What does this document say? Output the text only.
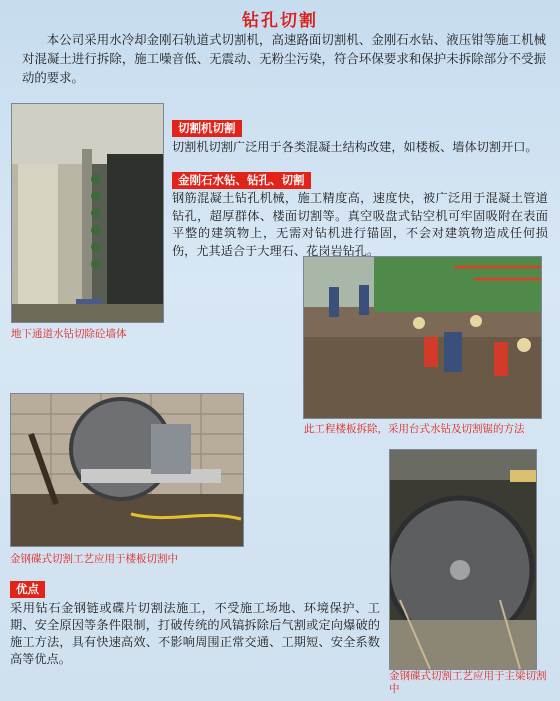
钻孔切割
本公司采用水冷却金刚石轨道式切割机，高速路面切割机、金刚石水钻、液压钳等施工机械对混凝土进行拆除，施工噪音低、无震动、无粉尘污染，符合环保要求和保护未拆除部分不受振动的要求。
地下通道水钻切除砼墙体
切割机切割
切割机切割广泛用于各类混凝土结构改建，如楼板、墙体切割开口。
金刚石水钻、钻孔、切割
钢筋混凝土钻孔机械，施工精度高，速度快，被广泛用于混凝土管道钻孔，超厚群体、楼面切割等。真空吸盘式钻空机可牢固吸附在表面平整的建筑物上，无需对钻机进行锚固，不会对建筑物造成任何损伤，尤其适合于大理石、花岗岩钻孔。
此工程楼板拆除，采用台式水钻及切割锯的方法
金钢碟式切割工艺应用于楼板切割中
金钢碟式切割工艺应用于主梁切割中
优点
采用钻石金钢链或碟片切割法施工，不受施工场地、环境保护、工期、安全原因等条件限制，打破传统的风镐拆除后气割或定向爆破的施工方法，具有快速高效、不影响周围正常交通、工期短、安全系数高等优点。
